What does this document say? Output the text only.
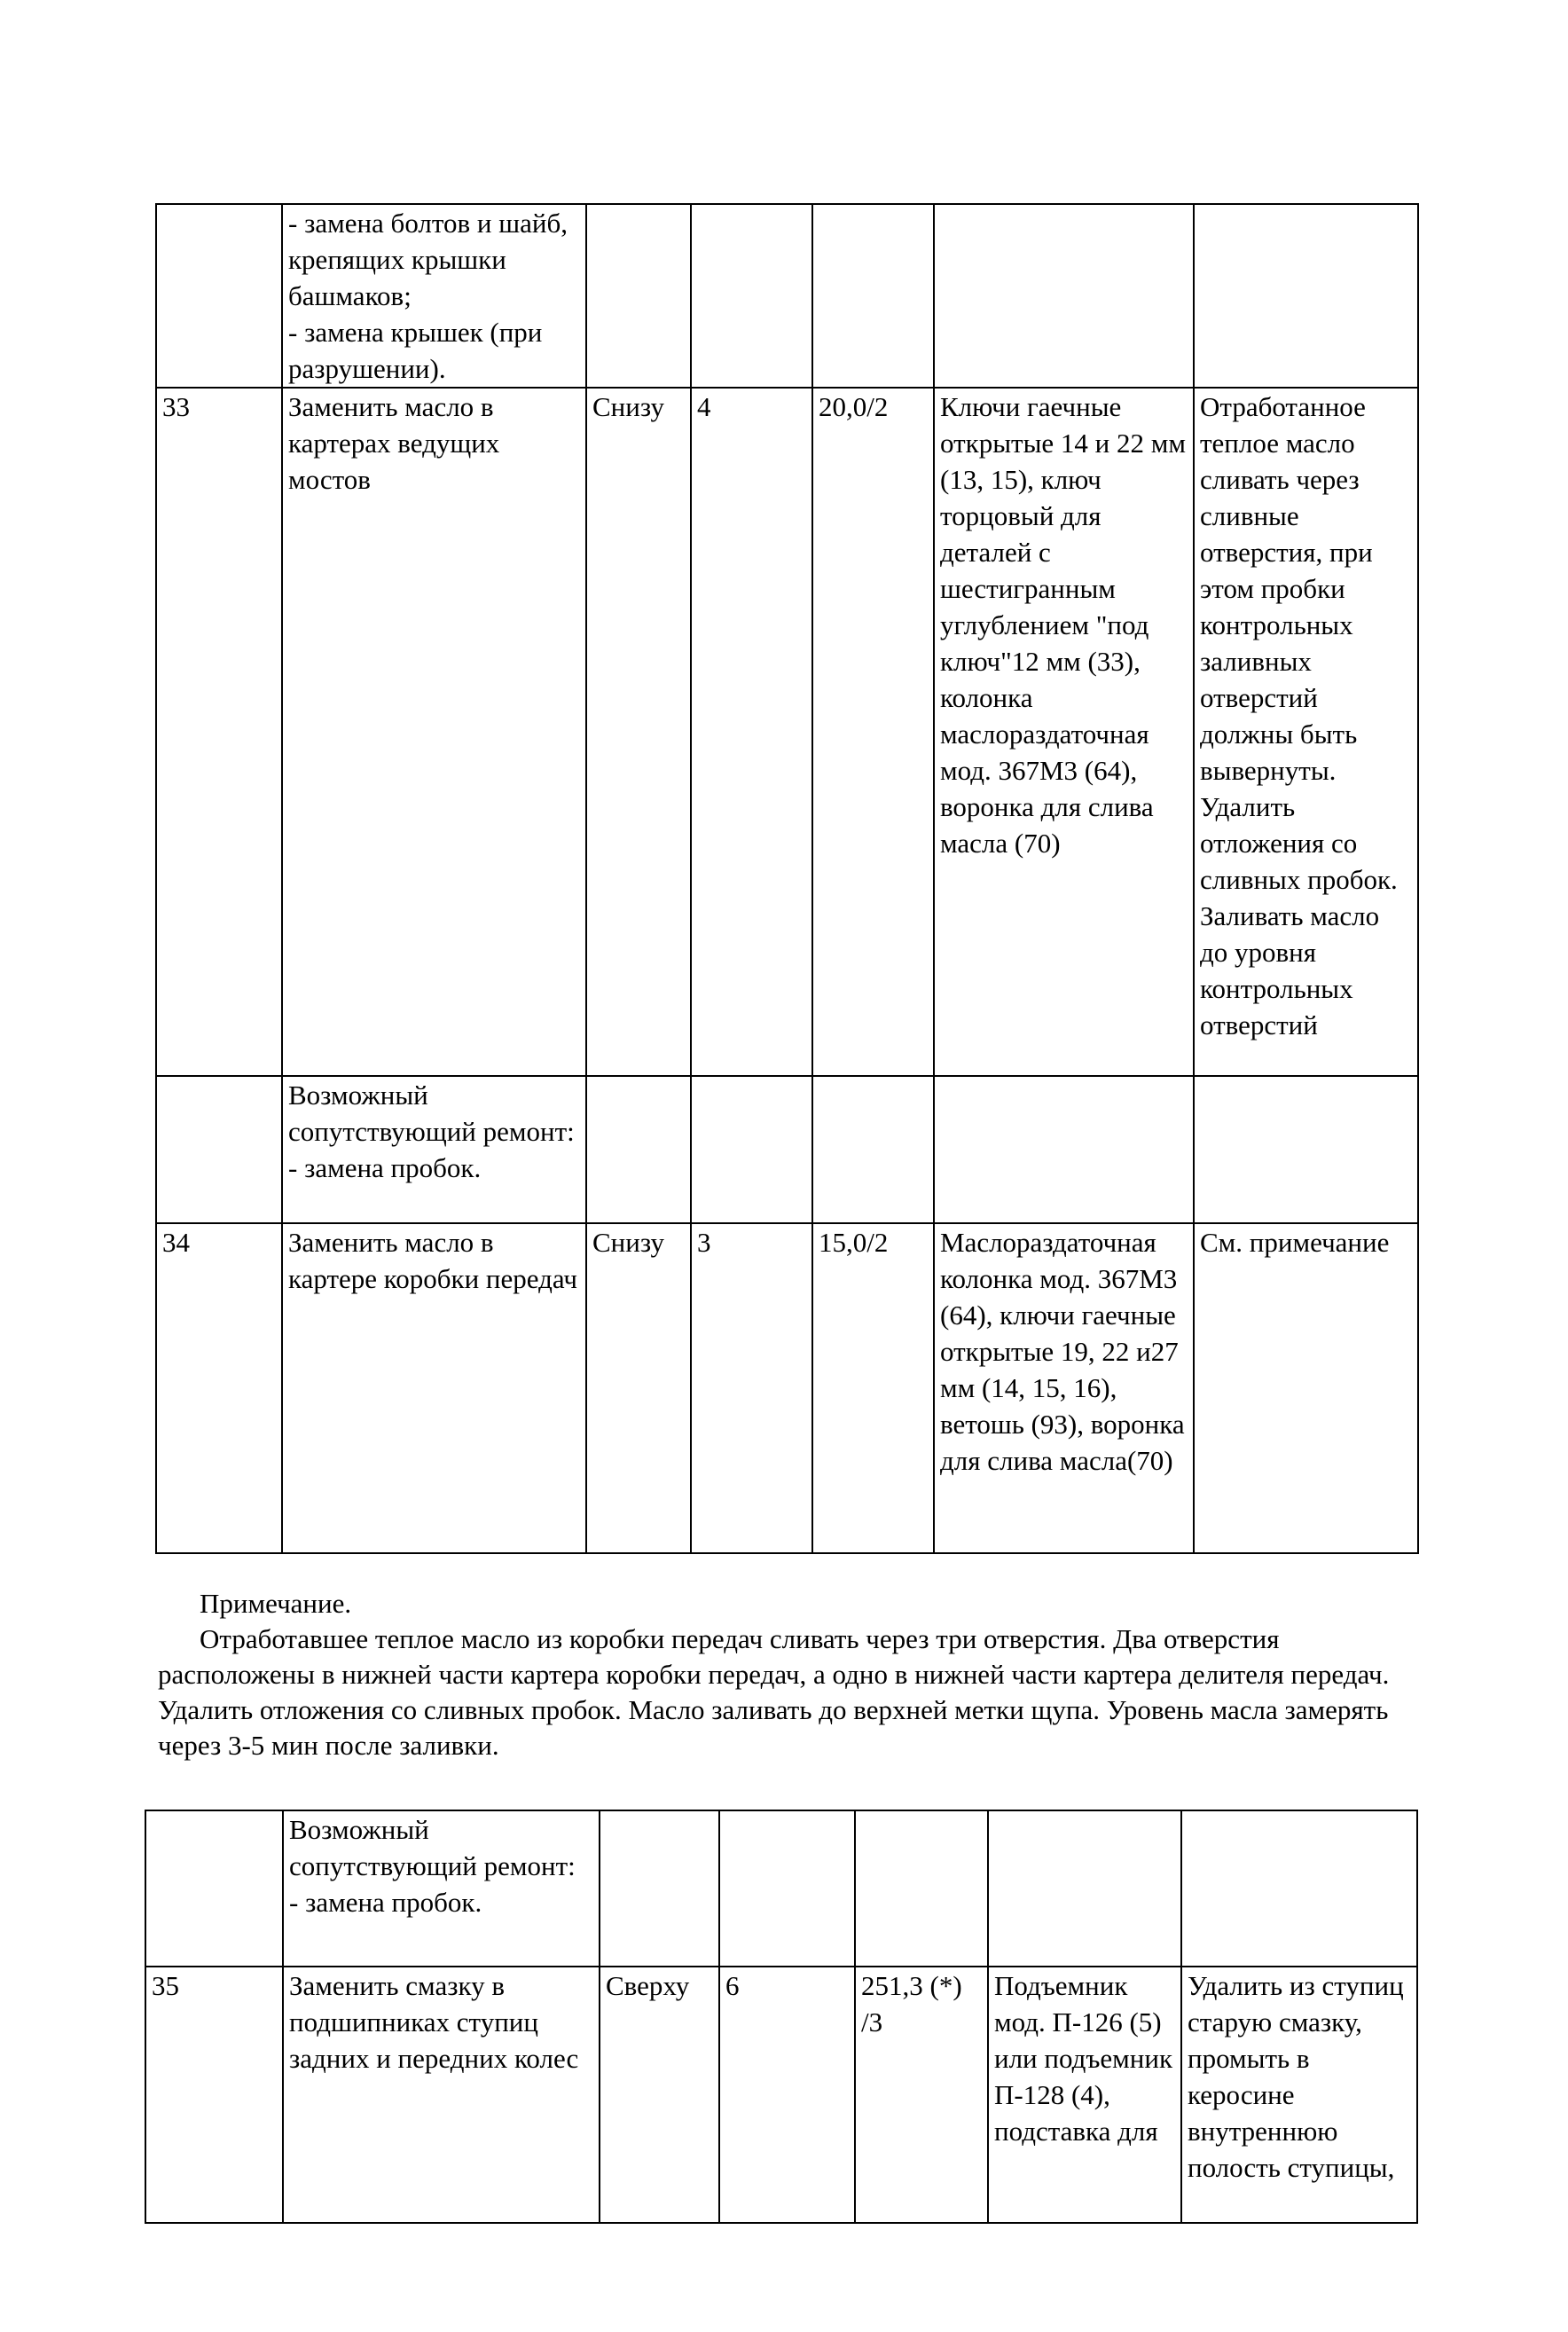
	- замена болтов и шайб, крепящих крышки башмаков;
- замена крышек (при разрушении).					
33	Заменить масло в картерах ведущих мостов	Снизу	4	20,0/2	Ключи гаечные открытые 14 и 22 мм (13, 15), ключ торцовый для деталей с шестигранным углублением "под ключ"12 мм (33), колонка маслораздаточная мод. 367М3 (64), воронка для слива масла (70)	Отработанное теплое масло сливать через сливные отверстия, при этом пробки контрольных заливных отверстий должны быть вывернуты. Удалить отложения со сливных пробок. Заливать масло до уровня контрольных отверстий
	Возможный сопутствующий ремонт:
- замена пробок.					
34	Заменить масло в картере коробки передач	Снизу	3	15,0/2	Маслораздаточная колонка мод. 367М3 (64), ключи гаечные открытые 19, 22 и27 мм (14, 15, 16), ветошь (93), воронка для слива масла(70)	См. примечание
Примечание.

Отработавшее теплое масло из коробки передач сливать через три отверстия. Два отверстия расположены в нижней части картера коробки передач, а одно в нижней части картера делителя передач. Удалить отложения со сливных пробок. Масло заливать до верхней метки щупа. Уровень масла замерять через 3-5 мин после заливки.

	Возможный сопутствующий ремонт:
- замена пробок.					
35	Заменить смазку в подшипниках ступиц задних и передних колес	Сверху	6	251,3 (*) /3	Подъемник мод. П-126 (5) или подъемник П-128 (4), подставка для	Удалить из ступиц старую смазку, промыть в керосине внутреннюю полость ступицы,
